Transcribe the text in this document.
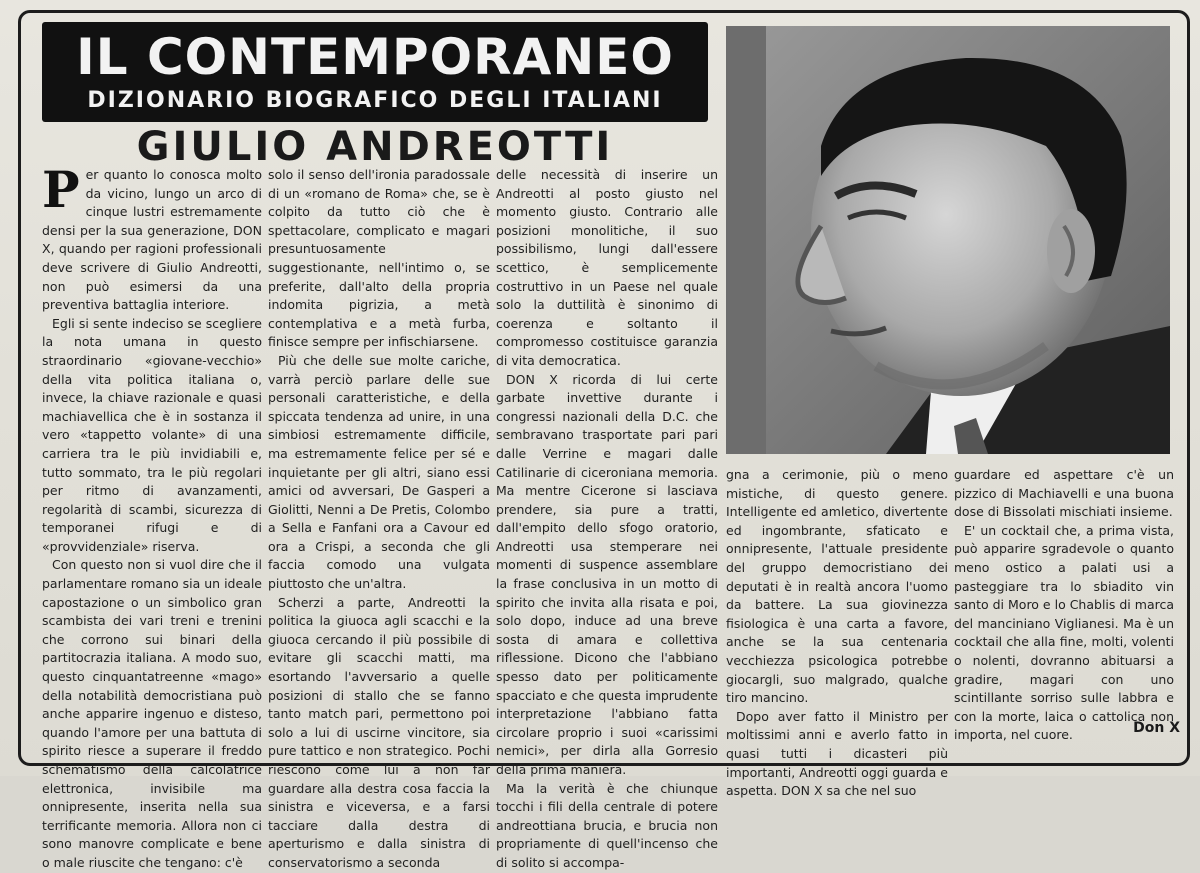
IL CONTEMPORANEO
DIZIONARIO BIOGRAFICO DEGLI ITALIANI
GIULIO ANDREOTTI

Per quanto lo conosca molto da vicino, lungo un arco di cinque lustri estremamente densi per la sua generazione, DON X, quando per ragioni professionali deve scrivere di Giulio Andreotti, non può esimersi da una preventiva battaglia interiore.

Egli si sente indeciso se scegliere la nota umana in questo straordinario «giovane-vecchio» della vita politica italiana o, invece, la chiave razionale e quasi machiavellica che è in sostanza il vero «tappetto volante» di una carriera tra le più invidiabili e, tutto sommato, tra le più regolari per ritmo di avanzamenti, regolarità di scambi, sicurezza di temporanei rifugi e di «provvidenziale» riserva.

Con questo non si vuol dire che il parlamentare romano sia un ideale capostazione o un simbolico gran scambista dei vari treni e trenini che corrono sui binari della partitocrazia italiana. A modo suo, questo cinquantatreenne «mago» della notabilità democristiana può anche apparire ingenuo e disteso, quando l'amore per una battuta di spirito riesce a superare il freddo schematismo della calcolatrice elettronica, invisibile ma onnipresente, inserita nella sua terrificante memoria. Allora non ci sono manovre complicate e bene o male riuscite che tengano: c'è

solo il senso dell'ironia paradossale di un «romano de Roma» che, se è colpito da tutto ciò che è spettacolare, complicato e magari presuntuosamente suggestionante, nell'intimo o, se preferite, dall'alto della propria indomita pigrizia, a metà contemplativa e a metà furba, finisce sempre per infischiarsene.

Più che delle sue molte cariche, varrà perciò parlare delle sue personali caratteristiche, e della spiccata tendenza ad unire, in una simbiosi estremamente difficile, ma estremamente felice per sé e inquietante per gli altri, siano essi amici od avversari, De Gasperi a Giolitti, Nenni a De Pretis, Colombo a Sella e Fanfani ora a Cavour ed ora a Crispi, a seconda che gli faccia comodo una vulgata piuttosto che un'altra.

Scherzi a parte, Andreotti la politica la giuoca agli scacchi e la giuoca cercando il più possibile di evitare gli scacchi matti, ma esortando l'avversario a quelle posizioni di stallo che se fanno tanto match pari, permettono poi solo a lui di uscirne vincitore, sia pure tattico e non strategico. Pochi riescono come lui a non far guardare alla destra cosa faccia la sinistra e viceversa, e a farsi tacciare dalla destra di aperturismo e dalla sinistra di conservatorismo a seconda

delle necessità di inserire un Andreotti al posto giusto nel momento giusto. Contrario alle posizioni monolitiche, il suo possibilismo, lungi dall'essere scettico, è semplicemente costruttivo in un Paese nel quale solo la duttilità è sinonimo di coerenza e soltanto il compromesso costituisce garanzia di vita democratica.

DON X ricorda di lui certe garbate invettive durante i congressi nazionali della D.C. che sembravano trasportate pari pari dalle Verrine e magari dalle Catilinarie di ciceroniana memoria. Ma mentre Cicerone si lasciava prendere, sia pure a tratti, dall'empito dello sfogo oratorio, Andreotti usa stemperare nei momenti di suspence assemblare la frase conclusiva in un motto di spirito che invita alla risata e poi, solo dopo, induce ad una breve sosta di amara e collettiva riflessione. Dicono che l'abbiano spesso dato per politicamente spacciato e che questa imprudente interpretazione l'abbiano fatta circolare proprio i suoi «carissimi nemici», per dirla alla Gorresio della prima maniera.

Ma la verità è che chiunque tocchi i fili della centrale di potere andreottiana brucia, e brucia non propriamente di quell'incenso che di solito si accompa-

gna a cerimonie, più o meno mistiche, di questo genere. Intelligente ed amletico, divertente ed ingombrante, sfaticato e onnipresente, l'attuale presidente del gruppo democristiano dei deputati è in realtà ancora l'uomo da battere. La sua giovinezza fisiologica è una carta a favore, anche se la sua centenaria vecchiezza psicologica potrebbe giocargli, suo malgrado, qualche tiro mancino.

Dopo aver fatto il Ministro per moltissimi anni e averlo fatto in quasi tutti i dicasteri più importanti, Andreotti oggi guarda e aspetta. DON X sa che nel suo

guardare ed aspettare c'è un pizzico di Machiavelli e una buona dose di Bissolati mischiati insieme.

E' un cocktail che, a prima vista, può apparire sgradevole o quanto meno ostico a palati usi a pasteggiare tra lo sbiadito vin santo di Moro e lo Chablis di marca del manciniano Viglianesi. Ma è un cocktail che alla fine, molti, volenti o nolenti, dovranno abituarsi a gradire, magari con uno scintillante sorriso sulle labbra e con la morte, laica o cattolica non importa, nel cuore.	Don X
